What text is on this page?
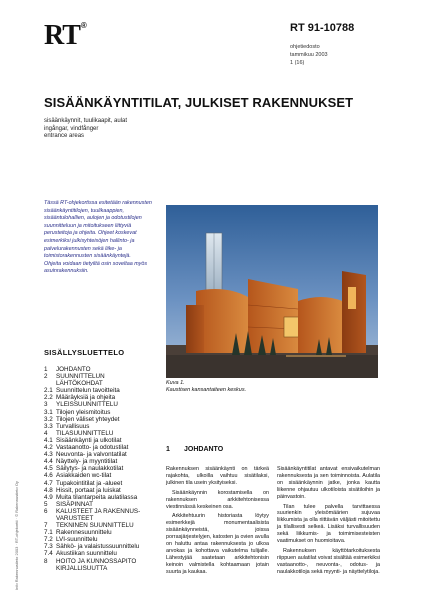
RT®	RT 91-10788
ohjetiedosto
tammikuu 2003
1 (16)
SISÄÄNKÄYNTITILAT, JULKISET RAKENNUKSET
sisäänkäynnit, tuulikaapit, aulat
ingångar, vindfånger
entrance areas

Tässä RT-ohjekortissa esitetään rakennusten sisäänkäyntitilojen, tuulikaappien, sisääntulohallien, aulojen ja odotustilojen suunnitteluun ja mitoitukseen liittyviä perusteitoja ja ohjeita. Ohjeet koskevat esimerkiksi julkisyhteisöjen hallinto- ja palvelurakennusten sekä liike- ja toimistorakennusten sisäänkäyntejä.

Ohjeita voidaan tietyiltä osin soveltaa myös asuinrakennuksiin.

Kuva 1.
Kaustisen kansantaiteen keskus.
SISÄLLYSLUETTELO
1	JOHDANTO
2	SUUNNITTELUN
LÄHTÖKOHDAT
2.1 Suunnittelun tavoitteita
2.2 Määräyksiä ja ohjeita
3	YLEISSUUNNITTELU
3.1 Tilojen yleismitoitus
3.2 Tilojen väliset yhteydet
3.3 Turvallisuus
4	TILASUUNNITTELU
4.1 Sisäänkäynti ja ulkotilat
4.2 Vastaanotto- ja odotustilat
4.3 Neuvonta- ja valvontatilat
4.4 Näyttely- ja myyntitilat
4.5 Säilytys- ja naulakkotilat
4.6 Asiakkaiden wc-tilat
4.7 Tupakointitilat ja -alueet
4.8 Hissit, portaat ja luiskat
4.9 Muita tilantarpeita aulatilassa
5	SISÄPINNAT
6	KALUSTEET JA RAKENNUS-
VARUSTEET
7	TEKNINEN SUUNNITTELU
7.1 Rakennesuunnittelu
7.2 LVI-suunnittelu
7.3 Sähkö- ja valaistussuunnittelu
7.4 Akustiikan suunnittelu
8	HOITO JA KUNNOSSAPITO
KIRJALLISUUTTA
1 JOHDANTO

Rakennuksen sisäänkäynti on tärkeä rajakohta, ulkoilla vaihtuu sisätilaksi, julkinen tila usein yksityiseksi.

Sisäänkäynnin korostamisella on rakennuksen arkkitehtonisessa viestinnässä keskeinen osa.

Arkkitehtuurin historiasta löytyy esimerkkejä monumentaalisista sisäänkäynneistä, joissa porrasjärjestelyjen, katosten ja ovien avulla on haluttu antaa rakennuksesta jo ulkoa arvokas ja kohottava vaikutelma tulijalle. Lähestyjää saatetaan arkkitehtonisin keinoin valmistella kohtaamaan jotain suurta ja kaukaa.

Sisäänkäyntitilat antavat ensivaikutelman rakennuksesta ja sen toiminnoista. Aulatila on sisäänkäynnin jatke, jonka kautta liikenne ohjautuu ulkotiloista sisätiloihin ja päinvastoin.

Tilan tulee palvella tarvittaessa suurienkin yleisömäärien sujuvaa liikkumista ja olla riittävän väljästi mitoitettu ja tilallisesti selkeä. Lisäksi turvallisuuden sekä liikkumis- ja toimimisesteisten vaatimukset on huomioitava.

Rakennuksen käyttötarkoituksesta riippuen aulatilat voivat sisältää esimerkiksi vastaanotto-, neuvonta-, odotus- ja naulakkotiloja sekä myynti- ja näyttelytiloja.

Info Rakennustieto 2003 · RT-ohjekortti · © Rakennustieto Oy
